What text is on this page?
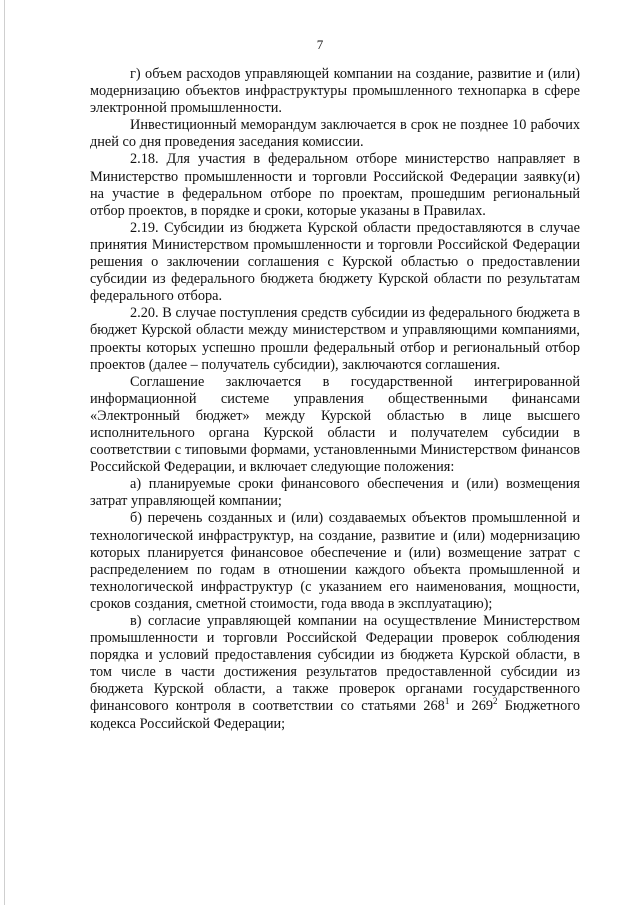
7

г) объем расходов управляющей компании на создание, развитие и (или) модернизацию объектов инфраструктуры промышленного технопарка в сфере электронной промышленности.

Инвестиционный меморандум заключается в срок не позднее 10 рабочих дней со дня проведения заседания комиссии.

2.18. Для участия в федеральном отборе министерство направляет в Министерство промышленности и торговли Российской Федерации заявку(и) на участие в федеральном отборе по проектам, прошедшим региональный отбор проектов, в порядке и сроки, которые указаны в Правилах.

2.19. Субсидии из бюджета Курской области предоставляются в случае принятия Министерством промышленности и торговли Российской Федерации решения о заключении соглашения с Курской областью о предоставлении субсидии из федерального бюджета бюджету Курской области по результатам федерального отбора.

2.20. В случае поступления средств субсидии из федерального бюджета в бюджет Курской области между министерством и управляющими компаниями, проекты которых успешно прошли федеральный отбор и региональный отбор проектов (далее – получатель субсидии), заключаются соглашения.

Соглашение заключается в государственной интегрированной информационной системе управления общественными финансами «Электронный бюджет» между Курской областью в лице высшего исполнительного органа Курской области и получателем субсидии в соответствии с типовыми формами, установленными Министерством финансов Российской Федерации, и включает следующие положения:

а) планируемые сроки финансового обеспечения и (или) возмещения затрат управляющей компании;

б) перечень созданных и (или) создаваемых объектов промышленной и технологической инфраструктур, на создание, развитие и (или) модернизацию которых планируется финансовое обеспечение и (или) возмещение затрат с распределением по годам в отношении каждого объекта промышленной и технологической инфраструктур (с указанием его наименования, мощности, сроков создания, сметной стоимости, года ввода в эксплуатацию);

в) согласие управляющей компании на осуществление Министерством промышленности и торговли Российской Федерации проверок соблюдения порядка и условий предоставления субсидии из бюджета Курской области, в том числе в части достижения результатов предоставленной субсидии из бюджета Курской области, а также проверок органами государственного финансового контроля в соответствии со статьями $268^1$ и $269^2$ Бюджетного кодекса Российской Федерации;
